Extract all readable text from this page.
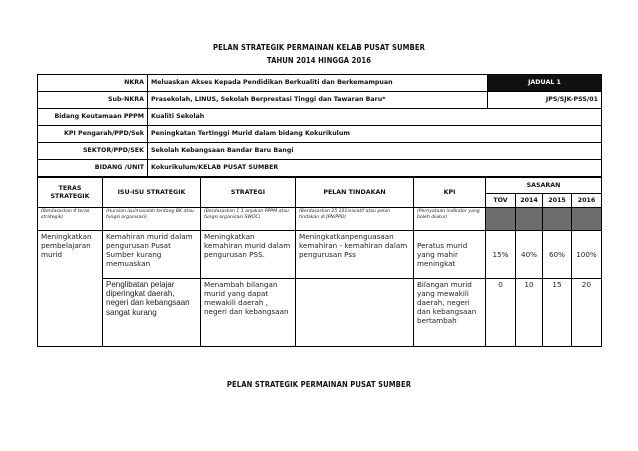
PELAN STRATEGIK PERMAINAN KELAB PUSAT SUMBER
TAHUN 2014 HINGGA 2016
NKRA	Meluaskan Akses Kepada Pendidikan Berkualiti dan Berkemampuan	JADUAL 1
Sub-NKRA	Prasekolah, LINUS, Sekolah Berprestasi Tinggi dan Tawaran Baru*	JPS/SJK-PSS/01
Bidang Keutamaan PPPM	Kualiti Sekolah	
KPI Pengarah/PPD/Sek	Peningkatan Tertinggi Murid dalam bidang Kokurikulum	
SEKTOR/PPD/SEK	Sekolah Kebangsaan Bandar Baru Bangi	
BIDANG /UNIT	Kokurikulum/KELAB PUSAT SUMBER	
TERAS STRATEGIK	ISU-ISU STRATEGIK	STRATEGI	PELAN TINDAKAN	KPI	SASARAN			
					TOV	2014	2015	2016
(Berdasarkan 4 teras strategik)	(Huraian isu/masalah tentang BK atau fungsi organisasi)	(Berdasarkan 1 1 anjakan PPPM atau fungsi organisasi SWOC)	(Berdasarkan 25 101inisiatif atau pelan tindakan di JPN/PPD)	(Pernyataan indikator yang boleh diukur)				
Meningkatkan pembelajaran murid	Kemahiran murid dalam pengurusan Pusat Sumber kurang memuaskan	Meningkatkan kemahiran murid dalam pengurusan PSS.	Meningkatkanpenguasaan kemahiran - kemahiran dalam pengurusan Pss	Peratus murid yang mahir meningkat	15%	40%	60%	100%
	Penglibatan pelajar diperingkat daerah, negeri dan kebangsaan sangat kurang	Menambah bilangan murid yang dapat mewakili daerah , negeri dan kebangsaan		Bilangan murid yang mewakili daerah, negeri dan kebangsaan bertambah	0	10	15	20
PELAN STRATEGIK PERMAINAN PUSAT SUMBER
